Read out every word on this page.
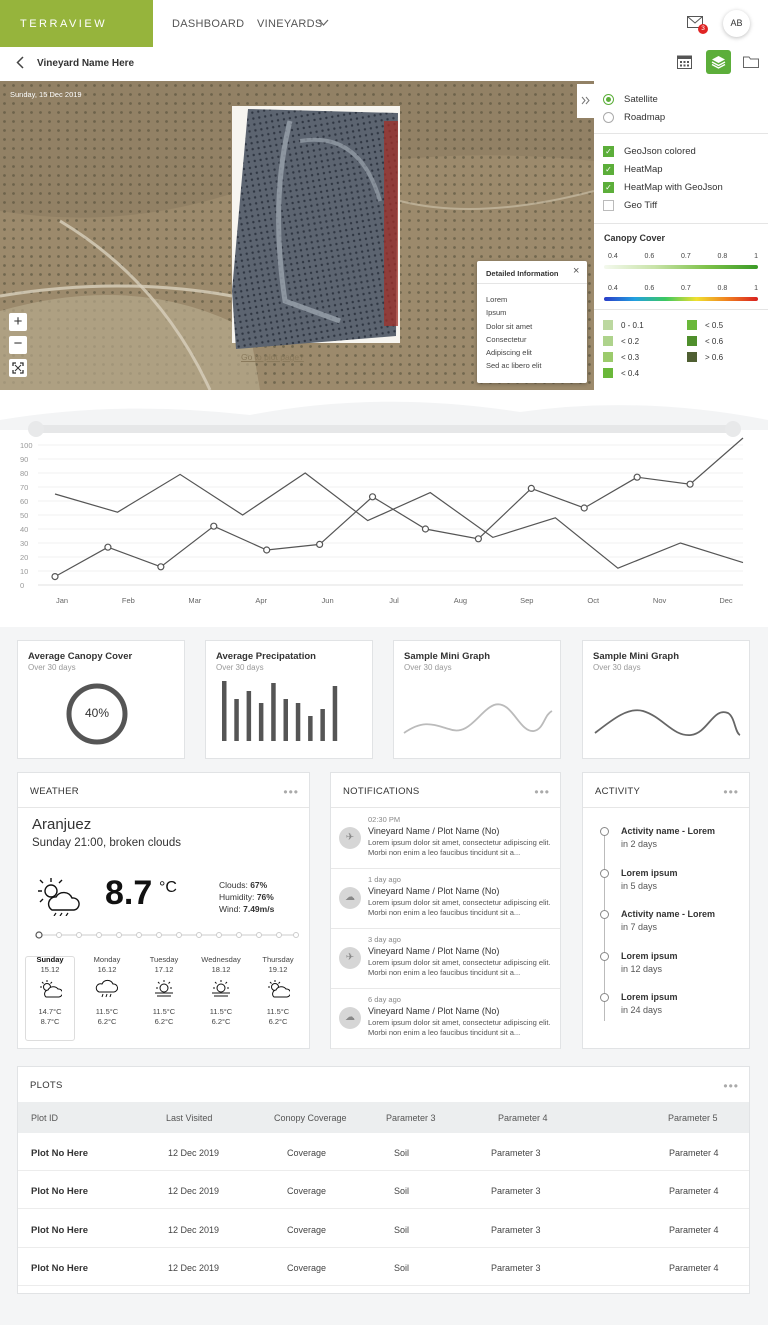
TERRAVIEW	DASHBOARD VINEYARDS	3
AB
Vineyard Name Here
Sunday, 15 Dec 2019
Go to plot page?
+
−
Detailed Information ×
Lorem
Ipsum
Dolor sit amet
Consectetur
Adipiscing elit
Sed ac libero elit
Satellite
Roadmap
✓ GeoJson colored
✓ HeatMap
✓ HeatMap with GeoJson
Geo Tiff
Canopy Cover
0.4	0.6	0.7	0.8	1
0.4	0.6	0.7	0.8	1
0 - 0.1	< 0.5
< 0.2	< 0.6
< 0.3	> 0.6
< 0.4
0
10
20
30
40
50
60
70
80
90
100
Jan	Feb	Mar	Apr	Jun	Jul	Aug	Sep	Oct	Nov	Dec
Average Canopy Cover
Over 30 days
40%
Average Precipatation
Over 30 days
Sample Mini Graph
Over 30 days
Sample Mini Graph
Over 30 days
WEATHER	•••
Aranjuez
Sunday 21:00, broken clouds
8.7 °C	Clouds: 67%
Humidity: 76%
Wind: 7.49m/s
Sunday
15.12
14.7°C
8.7°C
Monday
16.12
11.5°C
6.2°C
Tuesday
17.12
11.5°C
6.2°C
Wednesday
18.12
11.5°C
6.2°C
Thursday
19.12
11.5°C
6.2°C
NOTIFICATIONS	•••
✈
02:30 PM
Vineyard Name / Plot Name (No)
Lorem ipsum dolor sit amet, consectetur adipiscing elit. Morbi non enim a leo faucibus tincidunt sit a...
☁
1 day ago
Vineyard Name / Plot Name (No)
Lorem ipsum dolor sit amet, consectetur adipiscing elit. Morbi non enim a leo faucibus tincidunt sit a...
✈
3 day ago
Vineyard Name / Plot Name (No)
Lorem ipsum dolor sit amet, consectetur adipiscing elit. Morbi non enim a leo faucibus tincidunt sit a...
☁
6 day ago
Vineyard Name / Plot Name (No)
Lorem ipsum dolor sit amet, consectetur adipiscing elit. Morbi non enim a leo faucibus tincidunt sit a...
ACTIVITY	•••
Activity name - Lorem
in 2 days
Lorem ipsum
in 5 days
Activity name - Lorem
in 7 days
Lorem ipsum
in 12 days
Lorem ipsum
in 24 days
PLOTS	•••
Plot ID	Last Visited	Conopy Coverage	Parameter 3	Parameter 4	Parameter 5
Plot No Here	12 Dec 2019	Coverage	Soil	Parameter 3	Parameter 4
Plot No Here	12 Dec 2019	Coverage	Soil	Parameter 3	Parameter 4
Plot No Here	12 Dec 2019	Coverage	Soil	Parameter 3	Parameter 4
Plot No Here	12 Dec 2019	Coverage	Soil	Parameter 3	Parameter 4
